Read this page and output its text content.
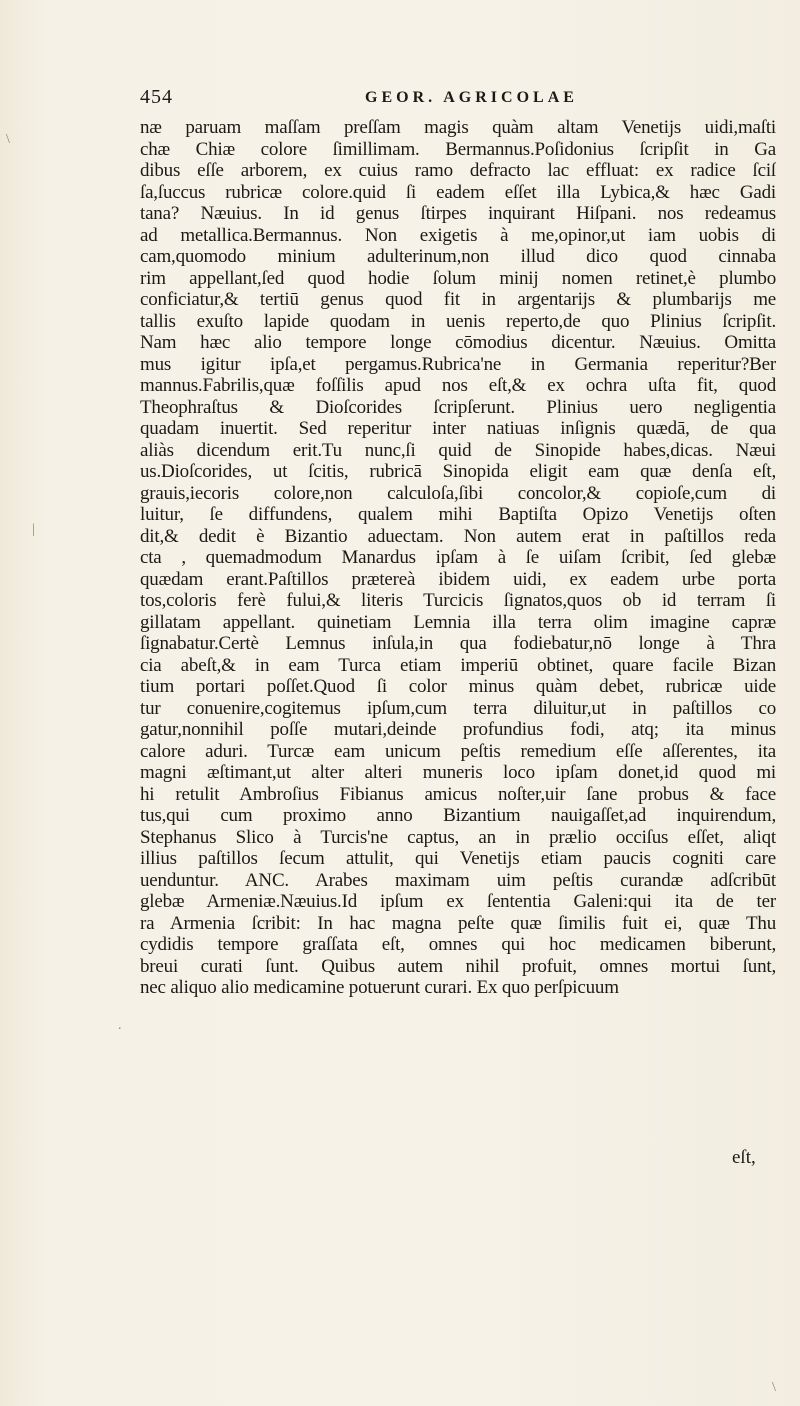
454	GEOR. AGRICOLAE
næ paruam maſſam preſſam magis quàm altam Venetijs uidi,maſti
chæ Chiæ colore ſimillimam. Bermannus.Poſidonius ſcripſit in Ga
dibus eſſe arborem, ex cuius ramo defracto lac effluat: ex radice ſciſ
ſa,ſuccus rubricæ colore.quid ſi eadem eſſet illa Lybica,& hæc Gadi
tana? Næuius. In id genus ſtirpes inquirant Hiſpani. nos redeamus
ad metallica.Bermannus. Non exigetis à me,opinor,ut iam uobis di
cam,quomodo minium adulterinum,non illud dico quod cinnaba
rim appellant,ſed quod hodie ſolum minij nomen retinet,è plumbo
conficiatur,& tertiū genus quod fit in argentarijs & plumbarijs me
tallis exuſto lapide quodam in uenis reperto,de quo Plinius ſcripſit.
Nam hæc alio tempore longe cōmodius dicentur. Næuius. Omitta
mus igitur ipſa,et pergamus.Rubrica'ne in Germania reperitur?Ber
mannus.Fabrilis,quæ foſſilis apud nos eſt,& ex ochra uſta fit, quod
Theophraſtus & Dioſcorides ſcripſerunt. Plinius uero negligentia
quadam inuertit. Sed reperitur inter natiuas inſignis quædā, de qua
aliàs dicendum erit.Tu nunc,ſi quid de Sinopide habes,dicas. Næui
us.Dioſcorides, ut ſcitis, rubricā Sinopida eligit eam quæ denſa eſt,
grauis,iecoris colore,non calculoſa,ſibi concolor,& copioſe,cum di
luitur, ſe diffundens, qualem mihi Baptiſta Opizo Venetijs oſten
dit,& dedit è Bizantio aduectam. Non autem erat in paſtillos reda
cta , quemadmodum Manardus ipſam à ſe uiſam ſcribit, ſed glebæ
quædam erant.Paſtillos prætereà ibidem uidi, ex eadem urbe porta
tos,coloris ferè fului,& literis Turcicis ſignatos,quos ob id terram ſi
gillatam appellant. quinetiam Lemnia illa terra olim imagine capræ
ſignabatur.Certè Lemnus inſula,in qua fodiebatur,nō longe à Thra
cia abeſt,& in eam Turca etiam imperiū obtinet, quare facile Bizan
tium portari poſſet.Quod ſi color minus quàm debet, rubricæ uide
tur conuenire,cogitemus ipſum,cum terra diluitur,ut in paſtillos co
gatur,nonnihil poſſe mutari,deinde profundius fodi, atq; ita minus
calore aduri. Turcæ eam unicum peſtis remedium eſſe aſſerentes, ita
magni æſtimant,ut alter alteri muneris loco ipſam donet,id quod mi
hi retulit Ambroſius Fibianus amicus noſter,uir ſane probus & face
tus,qui cum proximo anno Bizantium nauigaſſet,ad inquirendum,
Stephanus Slico à Turcis'ne captus, an in prælio occiſus eſſet, aliqt
illius paſtillos ſecum attulit, qui Venetijs etiam paucis cogniti care
uenduntur. ANC. Arabes maximam uim peſtis curandæ adſcribūt
glebæ Armeniæ.Næuius.Id ipſum ex ſententia Galeni:qui ita de ter
ra Armenia ſcribit: In hac magna peſte quæ ſimilis fuit ei, quæ Thu
cydidis tempore graſſata eſt, omnes qui hoc medicamen biberunt,
breui curati ſunt. Quibus autem nihil profuit, omnes mortui ſunt,
nec aliquo alio medicamine potuerunt curari. Ex quo perſpicuum
eſt,
\
|
.
\
